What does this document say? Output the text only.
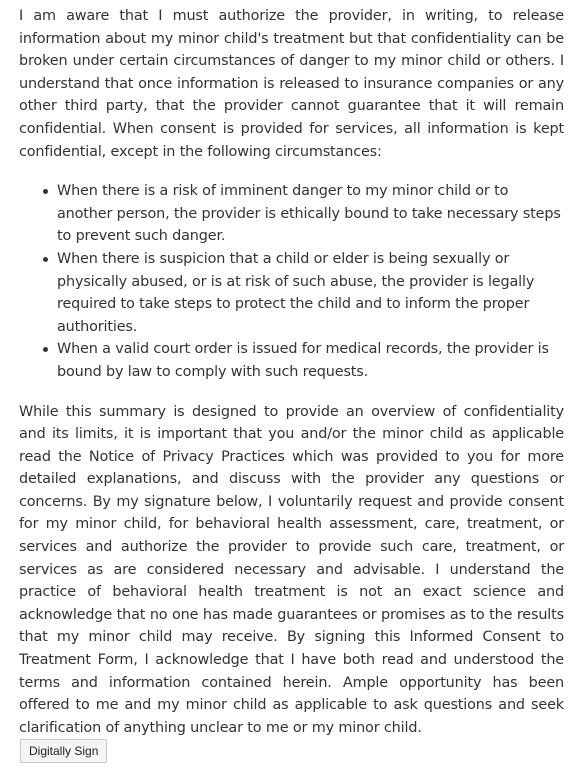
I am aware that I must authorize the provider, in writing, to release information about my minor child's treatment but that confidentiality can be broken under certain circumstances of danger to my minor child or others. I understand that once information is released to insurance companies or any other third party, that the provider cannot guarantee that it will remain confidential. When consent is provided for services, all information is kept confidential, except in the following circumstances:

When there is a risk of imminent danger to my minor child or to another person, the provider is ethically bound to take necessary steps to prevent such danger.
When there is suspicion that a child or elder is being sexually or physically abused, or is at risk of such abuse, the provider is legally required to take steps to protect the child and to inform the proper authorities.
When a valid court order is issued for medical records, the provider is bound by law to comply with such requests.

While this summary is designed to provide an overview of confidentiality and its limits, it is important that you and/or the minor child as applicable read the Notice of Privacy Practices which was provided to you for more detailed explanations, and discuss with the provider any questions or concerns. By my signature below, I voluntarily request and provide consent for my minor child, for behavioral health assessment, care, treatment, or services and authorize the provider to provide such care, treatment, or services as are considered necessary and advisable. I understand the practice of behavioral health treatment is not an exact science and acknowledge that no one has made guarantees or promises as to the results that my minor child may receive. By signing this Informed Consent to Treatment Form, I acknowledge that I have both read and understood the terms and information contained herein. Ample opportunity has been offered to me and my minor child as applicable to ask questions and seek clarification of anything unclear to me or my minor child.

Digitally Sign
